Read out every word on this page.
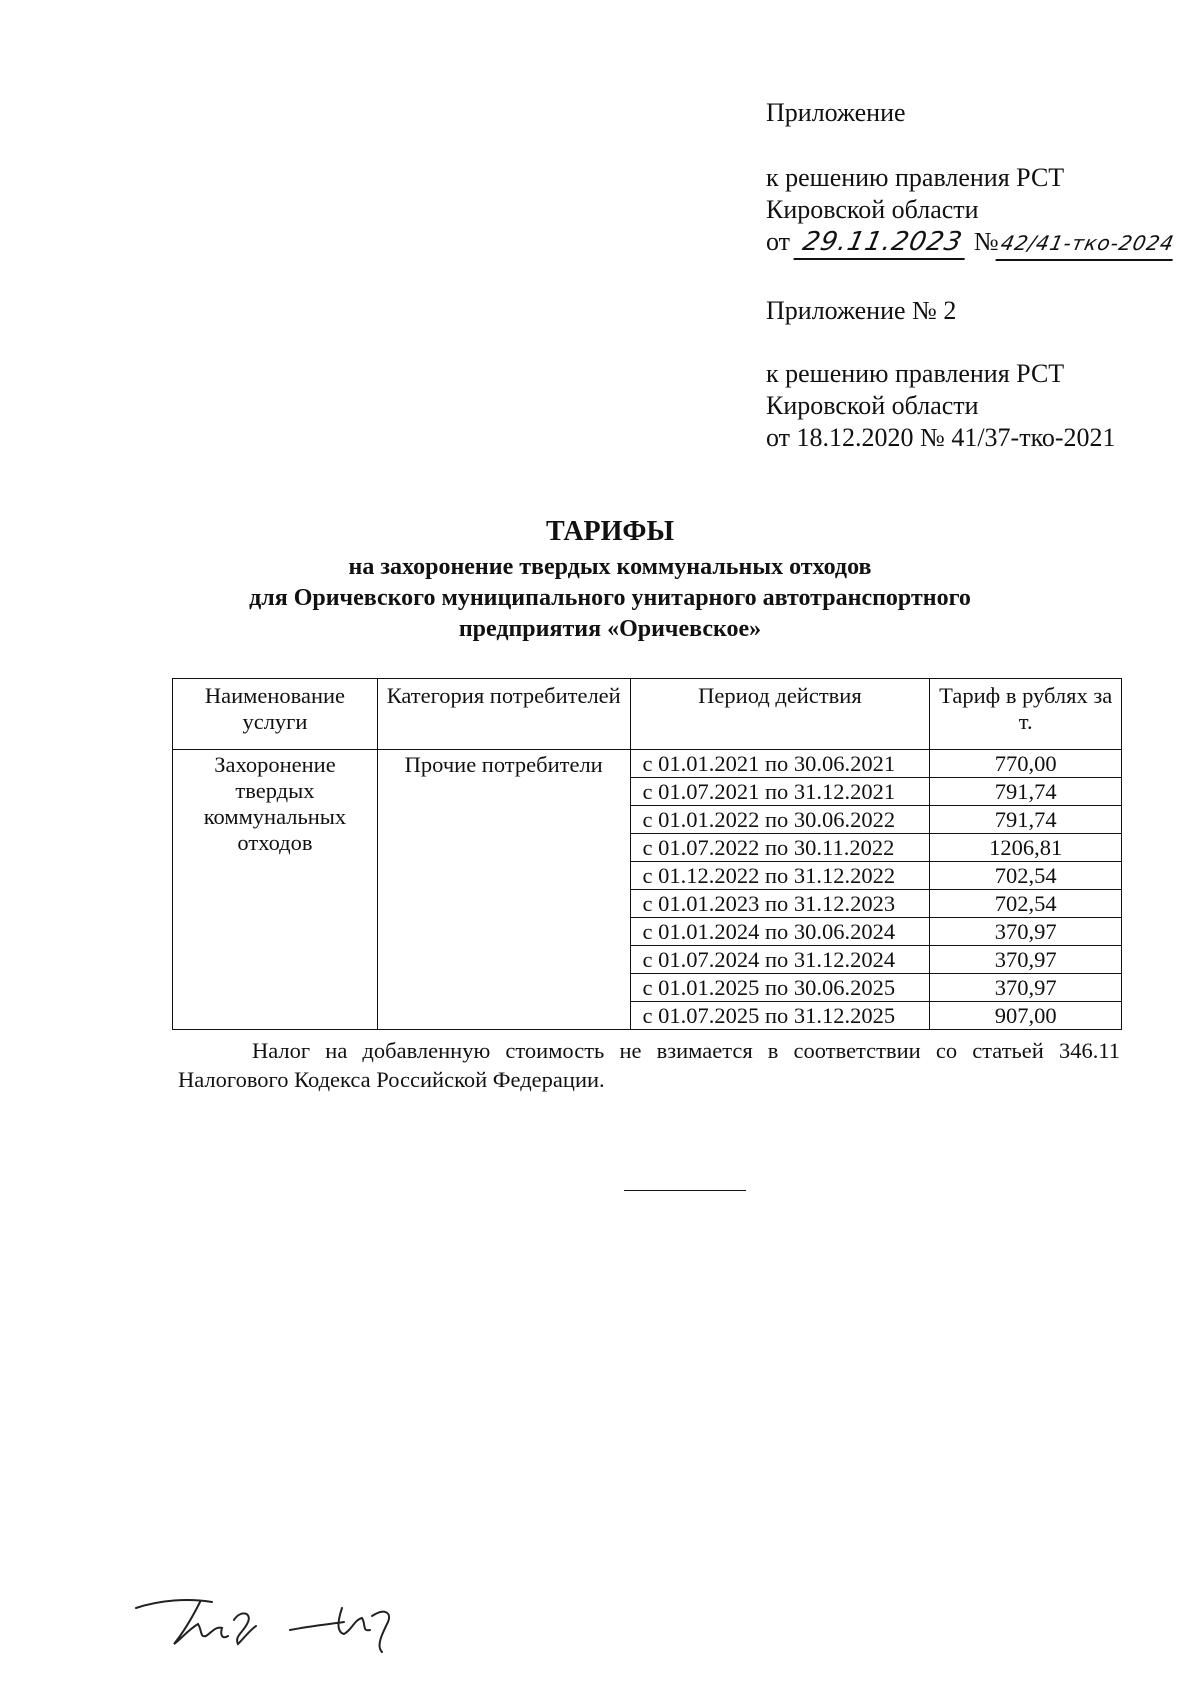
Приложение
к решению правления РСТ
Кировской области
от 29.11.2023 №42/41-тко-2024
Приложение № 2
к решению правления РСТ
Кировской области
от 18.12.2020 № 41/37-тко-2021
ТАРИФЫ
на захоронение твердых коммунальных отходов
для Оричевского муниципального унитарного автотранспортного
предприятия «Оричевское»
Наименование услуги	Категория потребителей	Период действия	Тариф в рублях за т.
Захоронение твердых коммунальных отходов	Прочие потребители	с 01.01.2021 по 30.06.2021	770,00
		с 01.07.2021 по 31.12.2021	791,74
		с 01.01.2022 по 30.06.2022	791,74
		с 01.07.2022 по 30.11.2022	1206,81
		с 01.12.2022 по 31.12.2022	702,54
		с 01.01.2023 по 31.12.2023	702,54
		с 01.01.2024 по 30.06.2024	370,97
		с 01.07.2024 по 31.12.2024	370,97
		с 01.01.2025 по 30.06.2025	370,97
		с 01.07.2025 по 31.12.2025	907,00
Налог на добавленную стоимость не взимается в соответствии со статьей 346.11 Налогового Кодекса Российской Федерации.
